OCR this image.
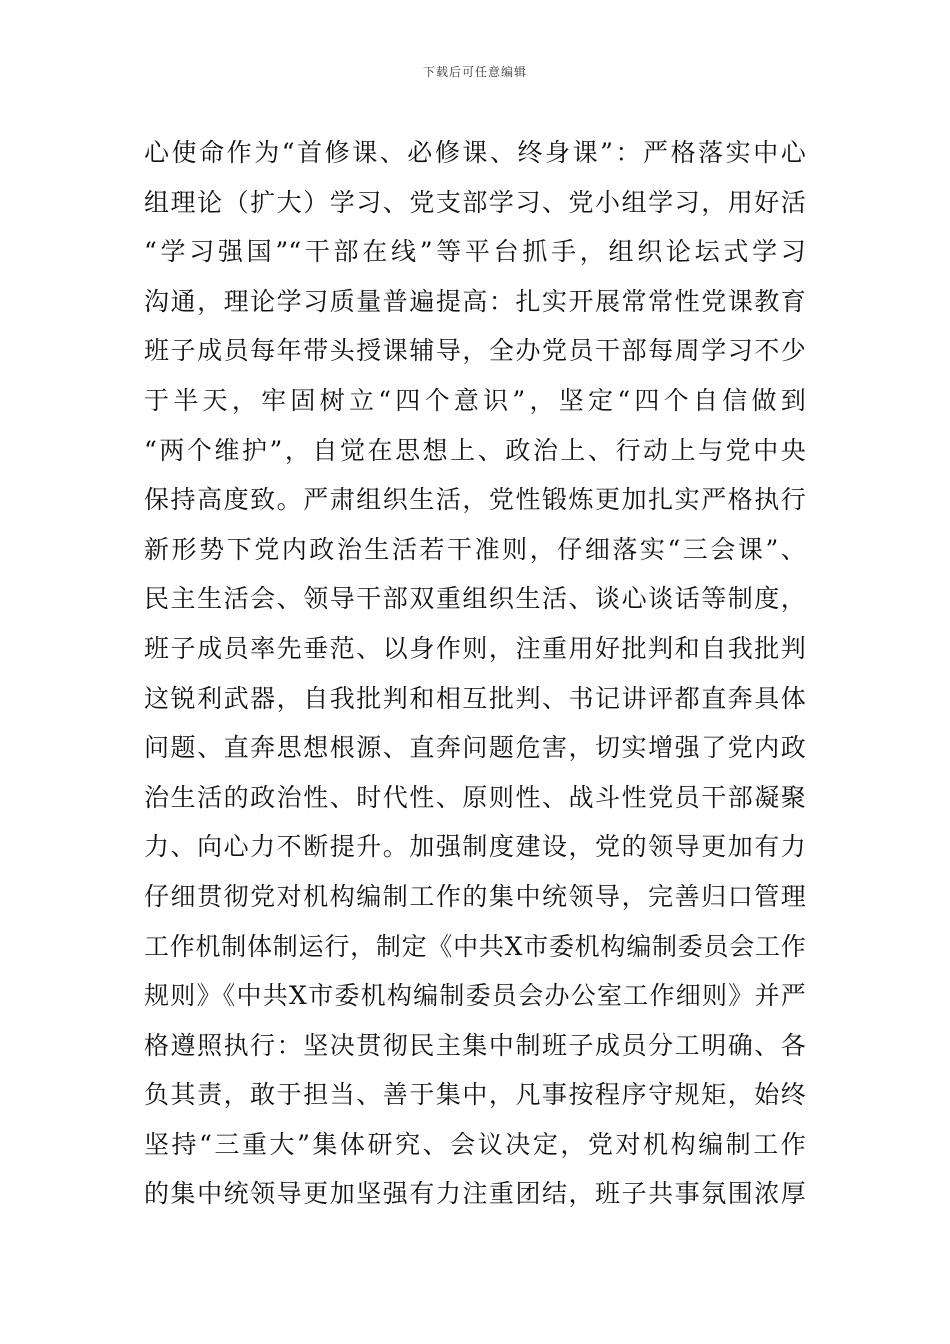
下载后可任意编辑
心使命作为“首修课、必修课、终身课”：严格落实中心
组理论（扩大）学习、党支部学习、党小组学习，用好活
“学习强国”“干部在线”等平台抓手，组织论坛式学习
沟通，理论学习质量普遍提高：扎实开展常常性党课教育
班子成员每年带头授课辅导，全办党员干部每周学习不少
于半天，牢固树立“四个意识”，坚定“四个自信做到
“两个维护”，自觉在思想上、政治上、行动上与党中央
保持高度致。严肃组织生活，党性锻炼更加扎实严格执行
新形势下党内政治生活若干准则，仔细落实“三会课”、
民主生活会、领导干部双重组织生活、谈心谈话等制度，
班子成员率先垂范、以身作则，注重用好批判和自我批判
这锐利武器，自我批判和相互批判、书记讲评都直奔具体
问题、直奔思想根源、直奔问题危害，切实增强了党内政
治生活的政治性、时代性、原则性、战斗性党员干部凝聚
力、向心力不断提升。加强制度建设，党的领导更加有力
仔细贯彻党对机构编制工作的集中统领导，完善归口管理
工作机制体制运行，制定《中共X市委机构编制委员会工作
规则》《中共X市委机构编制委员会办公室工作细则》并严
格遵照执行：坚决贯彻民主集中制班子成员分工明确、各
负其责，敢于担当、善于集中，凡事按程序守规矩，始终
坚持“三重大”集体研究、会议决定，党对机构编制工作
的集中统领导更加坚强有力注重团结，班子共事氛围浓厚
